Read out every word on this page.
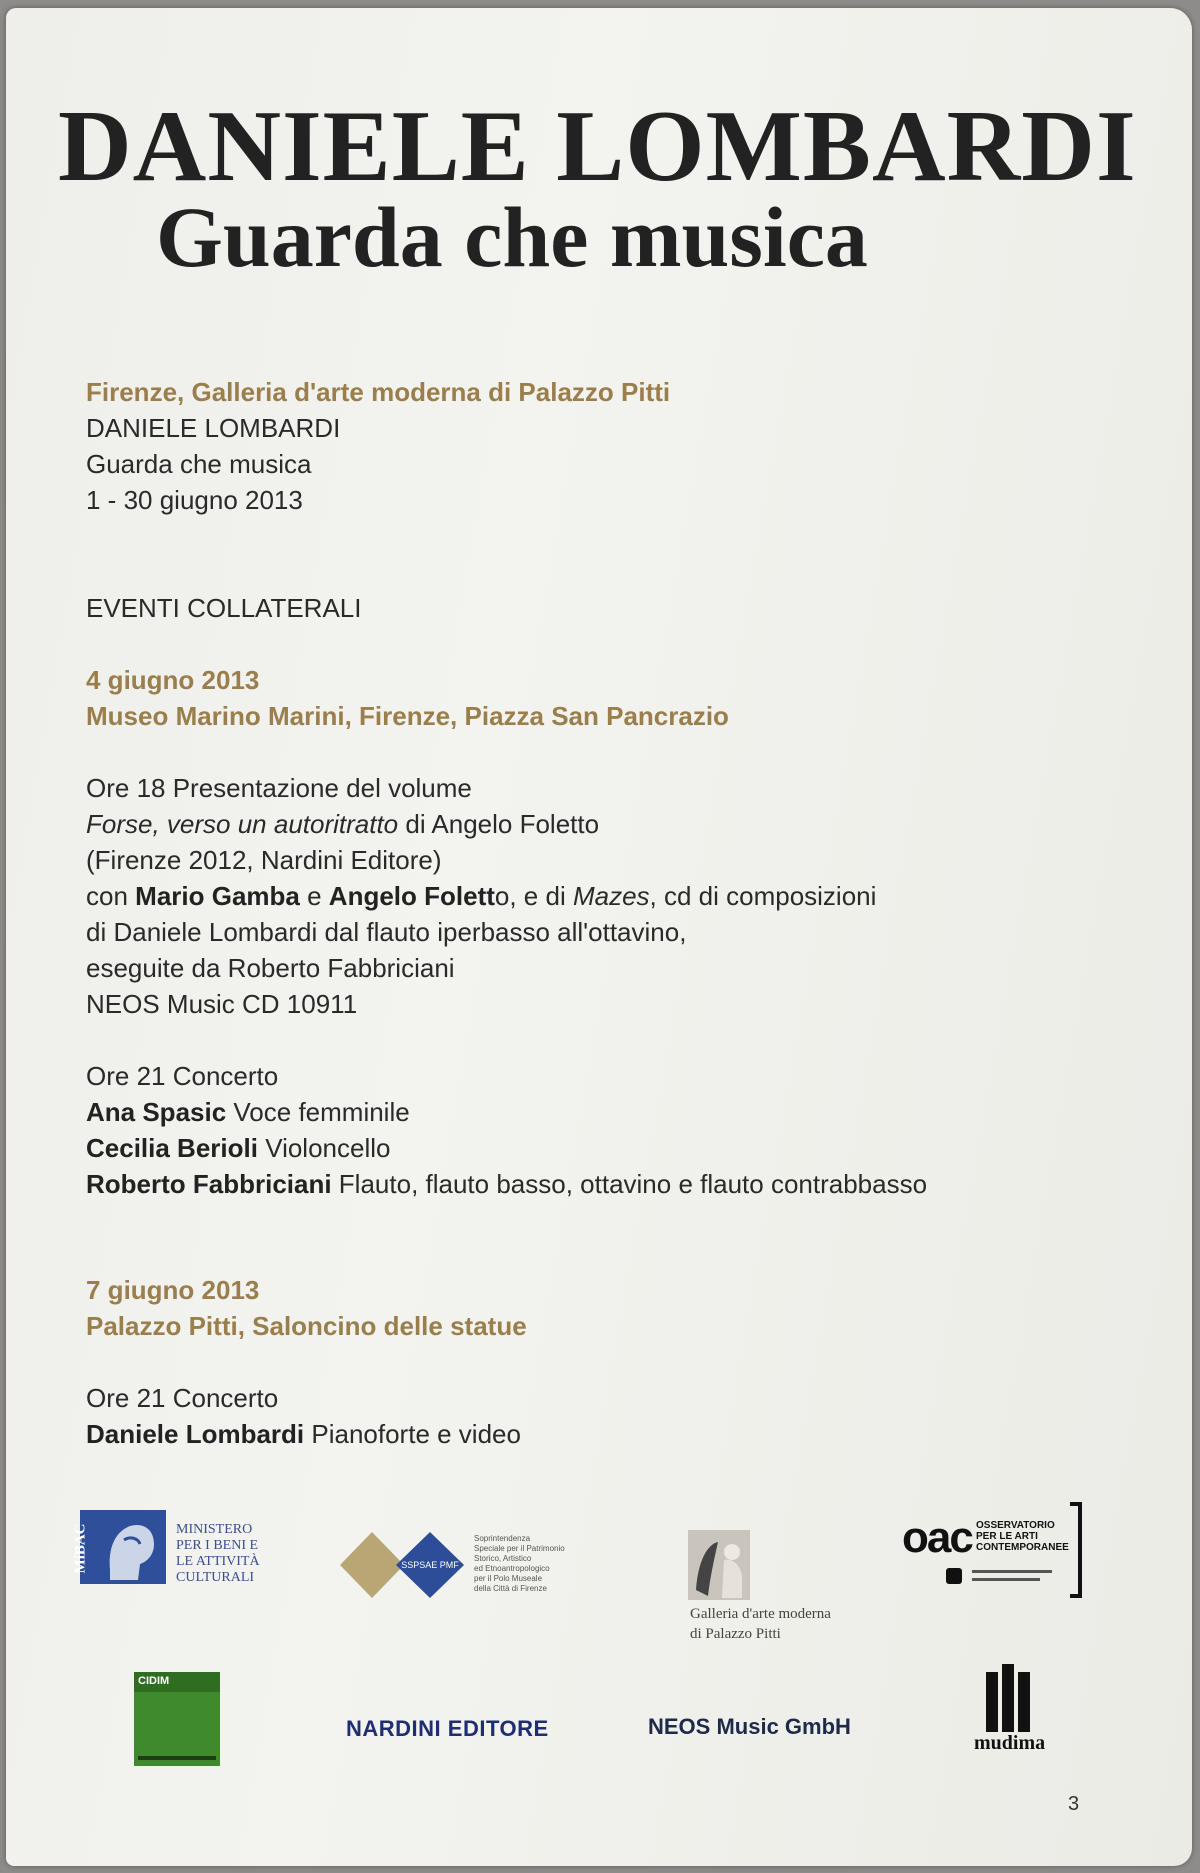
DANIELE LOMBARDI
Guarda che musica
Firenze, Galleria d'arte moderna di Palazzo Pitti
DANIELE LOMBARDI
Guarda che musica
1 - 30 giugno 2013
EVENTI COLLATERALI
4 giugno 2013
Museo Marino Marini, Firenze, Piazza San Pancrazio
Ore 18 Presentazione del volume
Forse, verso un autoritratto di Angelo Foletto
(Firenze 2012, Nardini Editore)
con Mario Gamba e Angelo Foletto, e di Mazes, cd di composizioni
di Daniele Lombardi dal flauto iperbasso all'ottavino,
eseguite da Roberto Fabbriciani
NEOS Music CD 10911
Ore 21 Concerto
Ana Spasic Voce femminile
Cecilia Berioli Violoncello
Roberto Fabbriciani Flauto, flauto basso, ottavino e flauto contrabbasso
7 giugno 2013
Palazzo Pitti, Saloncino delle statue
Ore 21 Concerto
Daniele Lombardi Pianoforte e video
MiBAC	MINISTERO
PER I BENI E
LE ATTIVITÀ
CULTURALI
SSPSAE PMF
Soprintendenza
Speciale per il Patrimonio
Storico, Artistico
ed Etnoantropologico
per il Polo Museale
della Città di Firenze
Galleria d'arte moderna
di Palazzo Pitti
oac OSSERVATORIO
PER LE ARTI
CONTEMPORANEE
CIDIM
NARDINI EDITORE	NEOS Music GmbH
mudima
3
